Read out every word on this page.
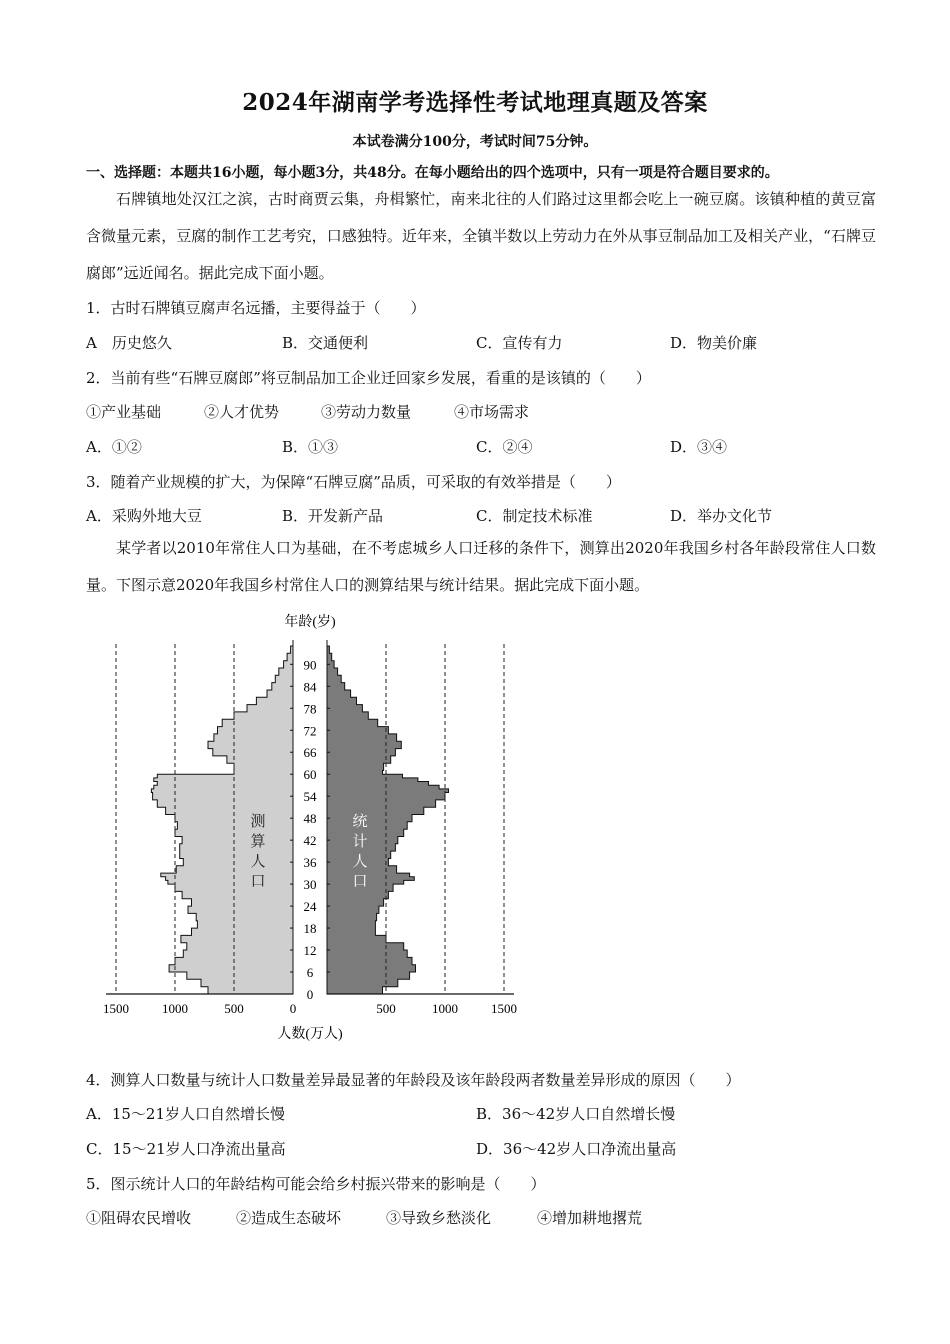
2024年湖南学考选择性考试地理真题及答案
本试卷满分100分，考试时间75分钟。
一、选择题：本题共16小题，每小题3分，共48分。在每小题给出的四个选项中，只有一项是符合题目要求的。
石牌镇地处汉江之滨，古时商贾云集，舟楫繁忙，南来北往的人们路过这里都会吃上一碗豆腐。该镇种植的黄豆富含微量元素，豆腐的制作工艺考究，口感独特。近年来，全镇半数以上劳动力在外从事豆制品加工及相关产业，“石牌豆腐郎”远近闻名。据此完成下面小题。
1．古时石牌镇豆腐声名远播，主要得益于（　　）
A　历史悠久	B．交通便利	C．宣传有力	D．物美价廉
2．当前有些“石牌豆腐郎”将豆制品加工企业迁回家乡发展，看重的是该镇的（　　）
①产业基础	②人才优势	③劳动力数量	④市场需求
A．①②	B．①③	C．②④	D．③④
3．随着产业规模的扩大，为保障“石牌豆腐”品质，可采取的有效举措是（　　）
A．采购外地大豆	B．开发新产品	C．制定技术标准	D．举办文化节
某学者以2010年常住人口为基础，在不考虑城乡人口迁移的条件下，测算出2020年我国乡村各年龄段常住人口数量。下图示意2020年我国乡村常住人口的测算结果与统计结果。据此完成下面小题。
0
6
12
18
24
30
36
42
48
54
60
66
72
78
84
90
1500	1000	500	0	500	1000	1500
年龄(岁)
人数(万人)
测
算
人
口
统
计
人
口
4．测算人口数量与统计人口数量差异最显著的年龄段及该年龄段两者数量差异形成的原因（　　）
A．15～21岁人口自然增长慢	B．36～42岁人口自然增长慢
C．15～21岁人口净流出量高	D．36～42岁人口净流出量高
5．图示统计人口的年龄结构可能会给乡村振兴带来的影响是（　　）
①阻碍农民增收	②造成生态破坏	③导致乡愁淡化	④增加耕地撂荒
